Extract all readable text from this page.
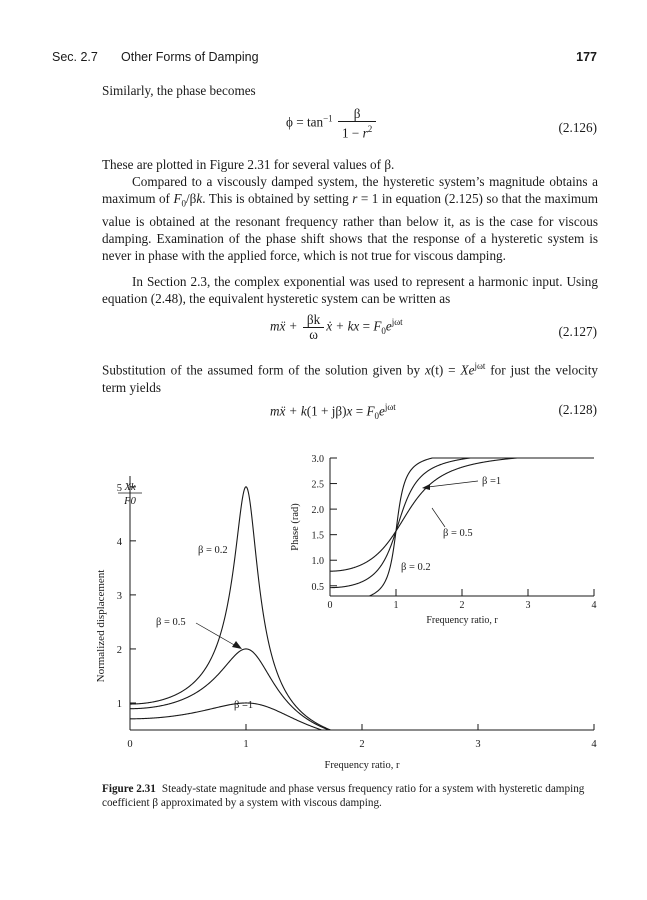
Sec. 2.7 Other Forms of Damping	177

Similarly, the phase becomes

$\phi = \tan^{-1} \frac{\beta}{1 - r^2}$	(2.126)

These are plotted in Figure 2.31 for several values of β.

Compared to a viscously damped system, the hysteretic system’s magnitude obtains a maximum of $F_0/\beta k$. This is obtained by setting r = 1 in equation (2.125) so that the maximum value is obtained at the resonant frequency rather than below it, as is the case for viscous damping. Examination of the phase shift shows that the response of a hysteretic system is never in phase with the applied force, which is not true for viscous damping.

In Section 2.3, the complex exponential was used to represent a harmonic input. Using equation (2.48), the equivalent hysteretic system can be written as

mẍ + $\frac{\beta k}{\omega}$ ẋ + kx = $F_0e^{j\omega t}$
(2.127)

Substitution of the assumed form of the solution given by $x(t) = Xe^{j\omega t}$ for just the velocity term yields

mẍ + $k(1 + j\beta)x = F_0e^{j\omega t}$	(2.128)
0	1	2	3	4
1
2
3
4
5
Frequency ratio, r
Normalized displacement
Xk
F0
β = 0.2
β = 0.5
β =1
0	1	2	3	4
0.5
1.0
1.5
2.0
2.5
3.0
Frequency ratio, r
Phase (rad)
β =1
β = 0.5
β = 0.2

Figure 2.31 Steady-state magnitude and phase versus frequency ratio for a system with hysteretic damping coefficient β approximated by a system with viscous damping.
